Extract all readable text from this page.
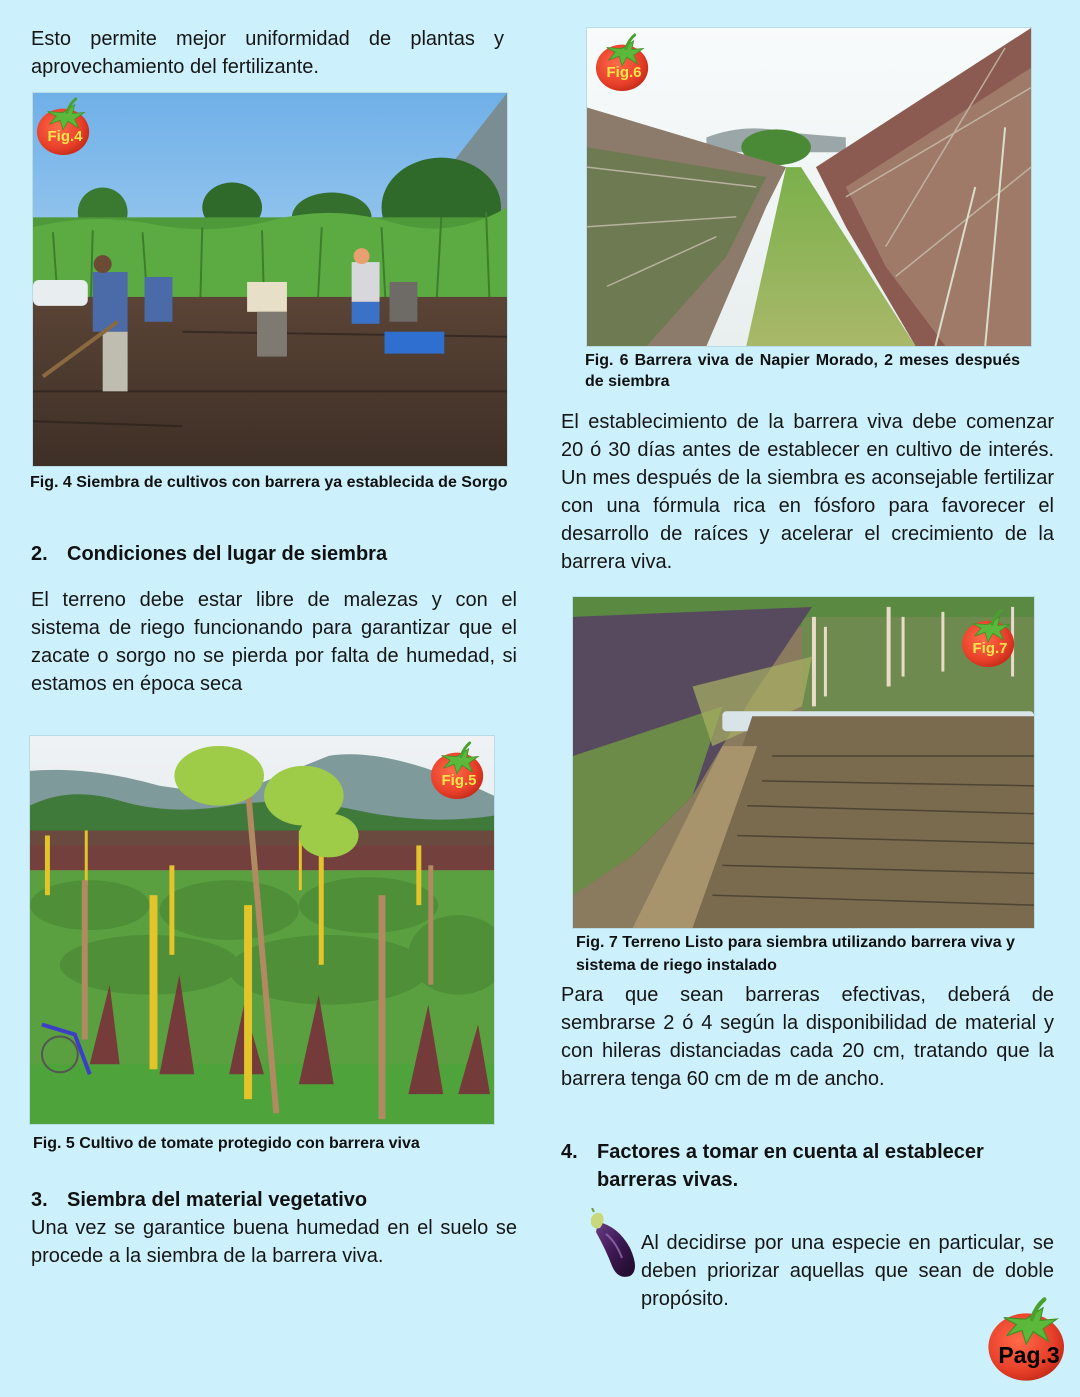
Esto permite mejor uniformidad de plantas y aprovechamiento del fertilizante.

Fig.4

Fig. 4 Siembra de cultivos con barrera ya establecida de Sorgo

2. Condiciones del lugar de siembra

El terreno debe estar libre de malezas y con el sistema de riego funcionando para garantizar que el zacate o sorgo no se pierda por falta de humedad, si estamos en época seca

Fig.5

Fig. 5 Cultivo de tomate protegido con barrera viva

3. Siembra del material vegetativo

Una vez se garantice buena humedad en el suelo se procede a la siembra de la barrera viva.

Fig.6

Fig. 6 Barrera viva de Napier Morado, 2 meses después de siembra

El establecimiento de la barrera viva debe comenzar 20 ó 30 días antes de establecer en cultivo de interés. Un mes después de la siembra es aconsejable fertilizar con una fórmula rica en fósforo para favorecer el desarrollo de raíces y acelerar el crecimiento de la barrera viva.

Fig.7

Fig. 7 Terreno Listo para siembra utilizando barrera viva y sistema de riego instalado

Para que sean barreras efectivas, deberá de sembrarse 2 ó 4 según la disponibilidad de material y con hileras distanciadas cada 20 cm, tratando que la barrera tenga 60 cm de m de ancho.

4. Factores a tomar en cuenta al establecer barreras vivas.

Al decidirse por una especie en particular, se deben priorizar aquellas que sean de doble propósito.

Pag.3
